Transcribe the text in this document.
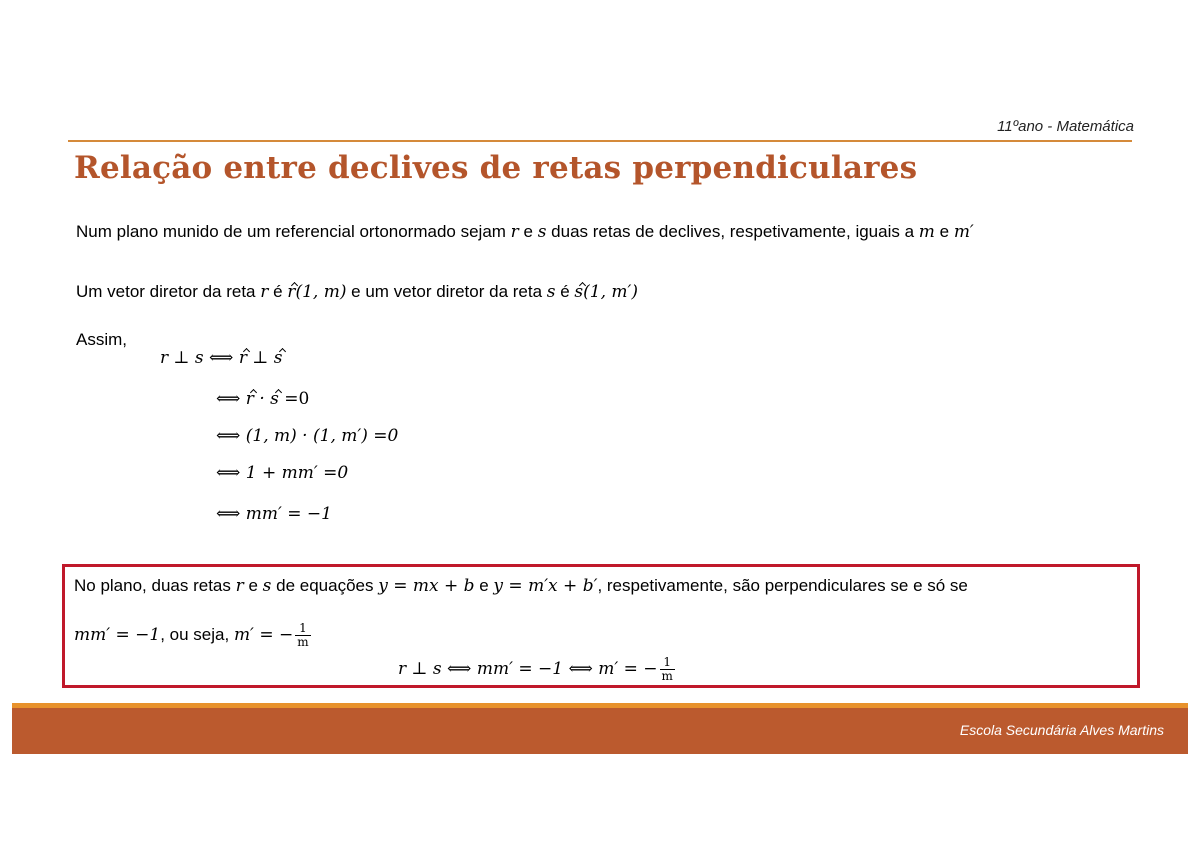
11ºano - Matemática
Relação entre declives de retas perpendiculares
Num plano munido de um referencial ortonormado sejam r e s duas retas de declives, respetivamente, iguais a m e m′
Um vetor diretor da reta r é r(1, m) e um vetor diretor da reta s é s(1, m′)
Assim,
r ⊥ s ⟺ r ⊥ s
⟺ r · s =0
⟺ (1, m) · (1, m′) =0
⟺ 1 + mm′ =0
⟺ mm′ = −1
No plano, duas retas r e s de equações y = mx + b e y = m′x + b′, respetivamente, são perpendiculares se e só se
mm′ = −1, ou seja, m′ = − $\frac{1}{m}$
r ⊥ s ⟺ mm′ = −1 ⟺ m′ = − $\frac{1}{m}$
Escola Secundária Alves Martins
